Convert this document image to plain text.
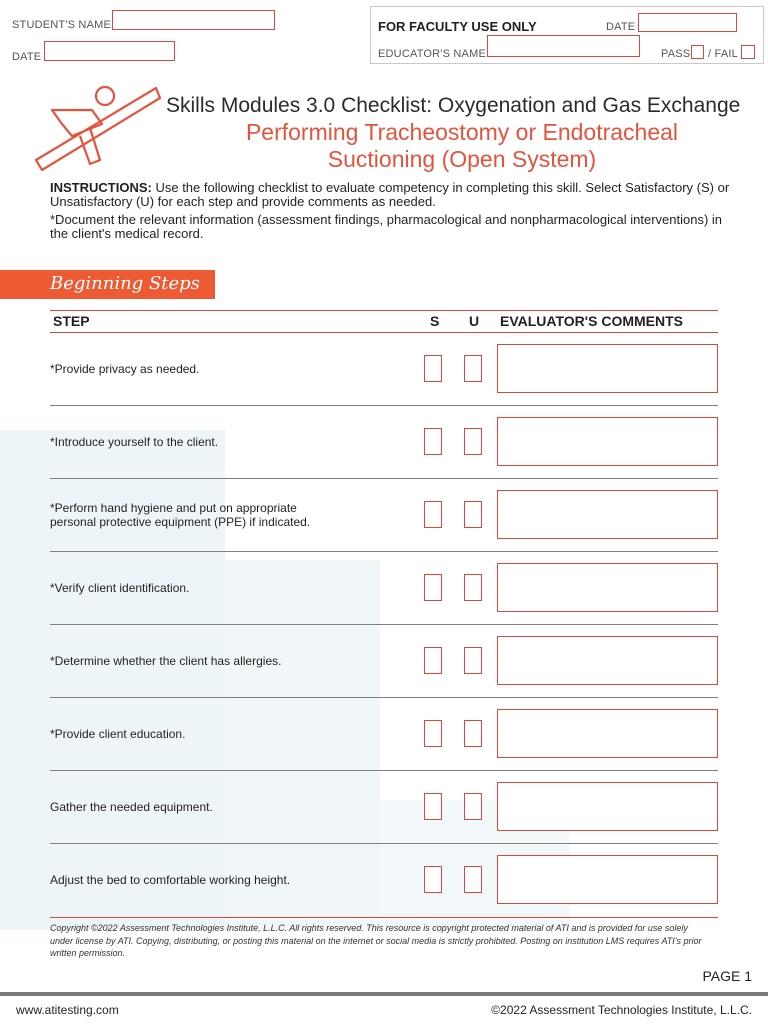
STUDENT'S NAME
DATE
FOR FACULTY USE ONLY	DATE
EDUCATOR'S NAME	PASS / FAIL
Skills Modules 3.0 Checklist: Oxygenation and Gas Exchange
Performing Tracheostomy or Endotracheal
Suctioning (Open System)
INSTRUCTIONS: Use the following checklist to evaluate competency in completing this skill. Select Satisfactory (S) or Unsatisfactory (U) for each step and provide comments as needed.
*Document the relevant information (assessment findings, pharmacological and nonpharmacological interventions) in the client's medical record.
Beginning Steps
STEP	S U EVALUATOR'S COMMENTS
*Provide privacy as needed.
*Introduce yourself to the client.
*Perform hand hygiene and put on appropriate personal protective equipment (PPE) if indicated.
*Verify client identification.
*Determine whether the client has allergies.
*Provide client education.
Gather the needed equipment.
Adjust the bed to comfortable working height.
Copyright ©2022 Assessment Technologies Institute, L.L.C. All rights reserved. This resource is copyright protected material of ATI and is provided for use solely under license by ATI. Copying, distributing, or posting this material on the internet or social media is strictly prohibited. Posting on institution LMS requires ATI's prior written permission.
PAGE 1
www.atitesting.com	©2022 Assessment Technologies Institute, L.L.C.
